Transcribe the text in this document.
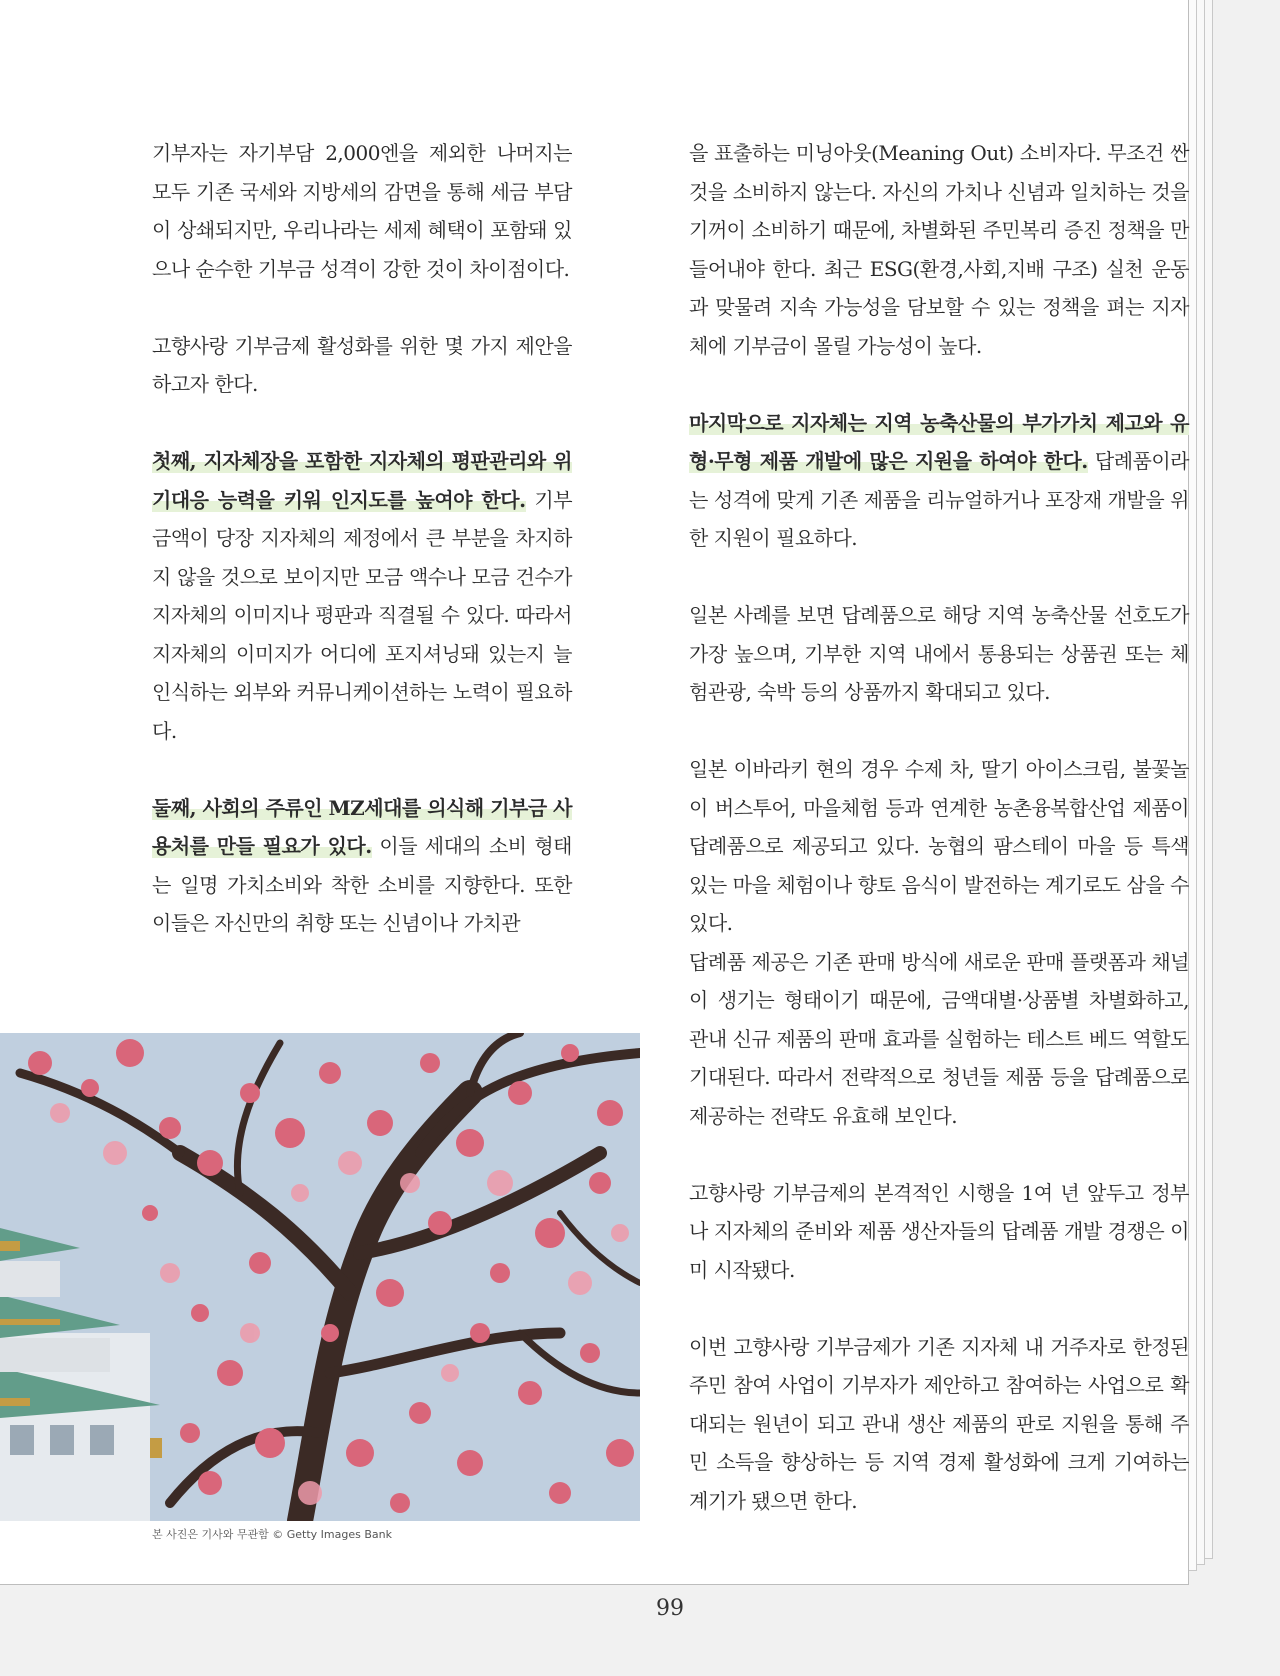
기부자는 자기부담 2,000엔을 제외한 나머지는 모두 기존 국세와 지방세의 감면을 통해 세금 부담이 상쇄되지만, 우리나라는 세제 혜택이 포함돼 있으나 순수한 기부금 성격이 강한 것이 차이점이다.

고향사랑 기부금제 활성화를 위한 몇 가지 제안을 하고자 한다.

첫째, 지자체장을 포함한 지자체의 평판관리와 위기대응 능력을 키워 인지도를 높여야 한다. 기부금액이 당장 지자체의 제정에서 큰 부분을 차지하지 않을 것으로 보이지만 모금 액수나 모금 건수가 지자체의 이미지나 평판과 직결될 수 있다. 따라서 지자체의 이미지가 어디에 포지셔닝돼 있는지 늘 인식하는 외부와 커뮤니케이션하는 노력이 필요하다.

둘째, 사회의 주류인 MZ세대를 의식해 기부금 사용처를 만들 필요가 있다. 이들 세대의 소비 형태는 일명 가치소비와 착한 소비를 지향한다. 또한 이들은 자신만의 취향 또는 신념이나 가치관

을 표출하는 미닝아웃(Meaning Out) 소비자다. 무조건 싼 것을 소비하지 않는다. 자신의 가치나 신념과 일치하는 것을 기꺼이 소비하기 때문에, 차별화된 주민복리 증진 정책을 만들어내야 한다. 최근 ESG(환경,사회,지배 구조) 실천 운동과 맞물려 지속 가능성을 담보할 수 있는 정책을 펴는 지자체에 기부금이 몰릴 가능성이 높다.

마지막으로 지자체는 지역 농축산물의 부가가치 제고와 유형·무형 제품 개발에 많은 지원을 하여야 한다. 답례품이라는 성격에 맞게 기존 제품을 리뉴얼하거나 포장재 개발을 위한 지원이 필요하다.

일본 사례를 보면 답례품으로 해당 지역 농축산물 선호도가 가장 높으며, 기부한 지역 내에서 통용되는 상품권 또는 체험관광, 숙박 등의 상품까지 확대되고 있다.

일본 이바라키 현의 경우 수제 차, 딸기 아이스크림, 불꽃놀이 버스투어, 마을체험 등과 연계한 농촌융복합산업 제품이 답례품으로 제공되고 있다. 농협의 팜스테이 마을 등 특색 있는 마을 체험이나 향토 음식이 발전하는 계기로도 삼을 수 있다.

답례품 제공은 기존 판매 방식에 새로운 판매 플랫폼과 채널이 생기는 형태이기 때문에, 금액대별·상품별 차별화하고, 관내 신규 제품의 판매 효과를 실험하는 테스트 베드 역할도 기대된다. 따라서 전략적으로 청년들 제품 등을 답례품으로 제공하는 전략도 유효해 보인다.

고향사랑 기부금제의 본격적인 시행을 1여 년 앞두고 정부나 지자체의 준비와 제품 생산자들의 답례품 개발 경쟁은 이미 시작됐다.

이번 고향사랑 기부금제가 기존 지자체 내 거주자로 한정된 주민 참여 사업이 기부자가 제안하고 참여하는 사업으로 확대되는 원년이 되고 관내 생산 제품의 판로 지원을 통해 주민 소득을 향상하는 등 지역 경제 활성화에 크게 기여하는 계기가 됐으면 한다.

본 사진은 기사와 무관함 © Getty Images Bank
99
